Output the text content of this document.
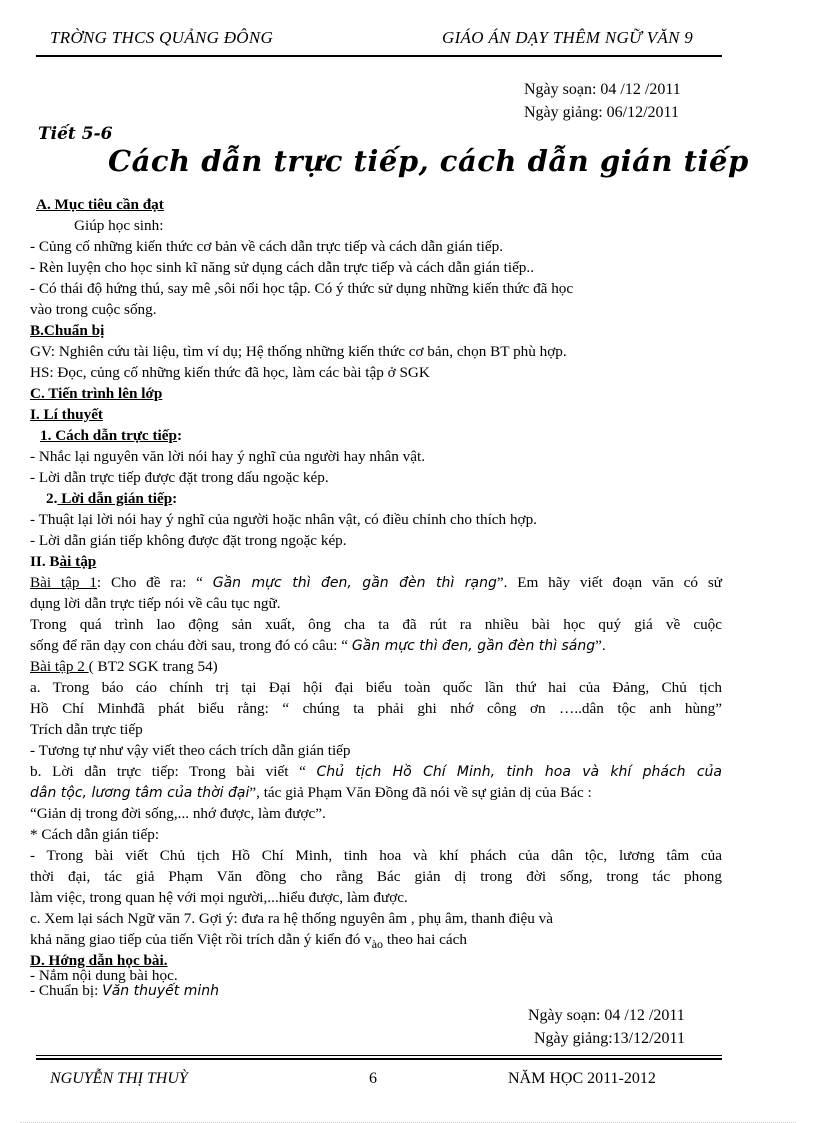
TRỜNG THCS QUẢNG ĐÔNG	GIÁO ÁN DẠY THÊM NGỮ VĂN 9
Ngày soạn: 04 /12 /2011
Ngày giảng: 06/12/2011
Tiết 5-6
Cách dẫn trực tiếp, cách dẫn gián tiếp
A. Mục tiêu cần đạt
Giúp học sinh:
- Củng cố những kiến thức cơ bản về cách dẫn trực tiếp và cách dẫn gián tiếp.
- Rèn luyện cho học sinh kĩ năng sử dụng cách dẫn trực tiếp và cách dẫn gián tiếp..
- Có thái độ hứng thú, say mê ,sôi nổi học tập. Có ý thức sử dụng những kiến thức đã học
vào trong cuộc sống.
B.Chuẩn bị
GV: Nghiên cứu tài liệu, tìm ví dụ; Hệ thống những kiến thức cơ bản, chọn BT phù hợp.
HS: Đọc, củng cố những kiến thức đã học, làm các bài tập ở SGK
C. Tiến trình lên lớp
I. Lí thuyết
1. Cách dẫn trực tiếp:
- Nhắc lại nguyên văn lời nói hay ý nghĩ của người hay nhân vật.
- Lời dẫn trực tiếp được đặt trong dấu ngoặc kép.
2. Lời dẫn gián tiếp:
- Thuật lại lời nói hay ý nghĩ của người hoặc nhân vật, có điều chỉnh cho thích hợp.
- Lời dẫn gián tiếp không được đặt trong ngoặc kép.
II. Bài tập
Bài tập 1: Cho đề ra: “ Gần mực thì đen, gần đèn thì rạng”. Em hãy viết đoạn văn có sử
dụng lời dẫn trực tiếp nói về câu tục ngữ.
Trong quá trình lao động sản xuất, ông cha ta đã rút ra nhiều bài học quý giá về cuộc
sống để răn dạy con cháu đời sau, trong đó có câu: “ Gần mực thì đen, gần đèn thì sáng”.
Bài tập 2 ( BT2 SGK trang 54)
a. Trong báo cáo chính trị tại Đại hội đại biểu toàn quốc lần thứ hai của Đảng, Chủ tịch
Hồ Chí Minhđã phát biểu rằng: “ chúng ta phải ghi nhớ công ơn …..dân tộc anh hùng”
Trích dẫn trực tiếp
- Tương tự như vậy viết theo cách trích dẫn gián tiếp
b. Lời dẫn trực tiếp: Trong bài viết “ Chủ tịch Hồ Chí Minh, tinh hoa và khí phách của
dân tộc, lương tâm của thời đại”, tác giả Phạm Văn Đồng đã nói về sự giản dị của Bác :
“Giản dị trong đời sống,... nhớ được, làm được”.
* Cách dẫn gián tiếp:
- Trong bài viết Chủ tịch Hồ Chí Minh, tinh hoa và khí phách của dân tộc, lương tâm của
thời đại, tác giả Phạm Văn đồng cho rằng Bác giản dị trong đời sống, trong tác phong
làm việc, trong quan hệ với mọi người,...hiểu được, làm được.
c. Xem lại sách Ngữ văn 7. Gợi ý: đưa ra hệ thống nguyên âm , phụ âm, thanh điệu và
khả năng giao tiếp của tiến Việt rồi trích dẫn ý kiến đó $v_{ào}$ theo hai cách
D. Hớng dẫn học bài.
- Nắm nội dung bài học.
- Chuẩn bị: Văn thuyết minh
Ngày soạn: 04 /12 /2011
Ngày giảng:13/12/2011
NGUYỄN THỊ THUỲ	6	NĂM HỌC 2011-2012
